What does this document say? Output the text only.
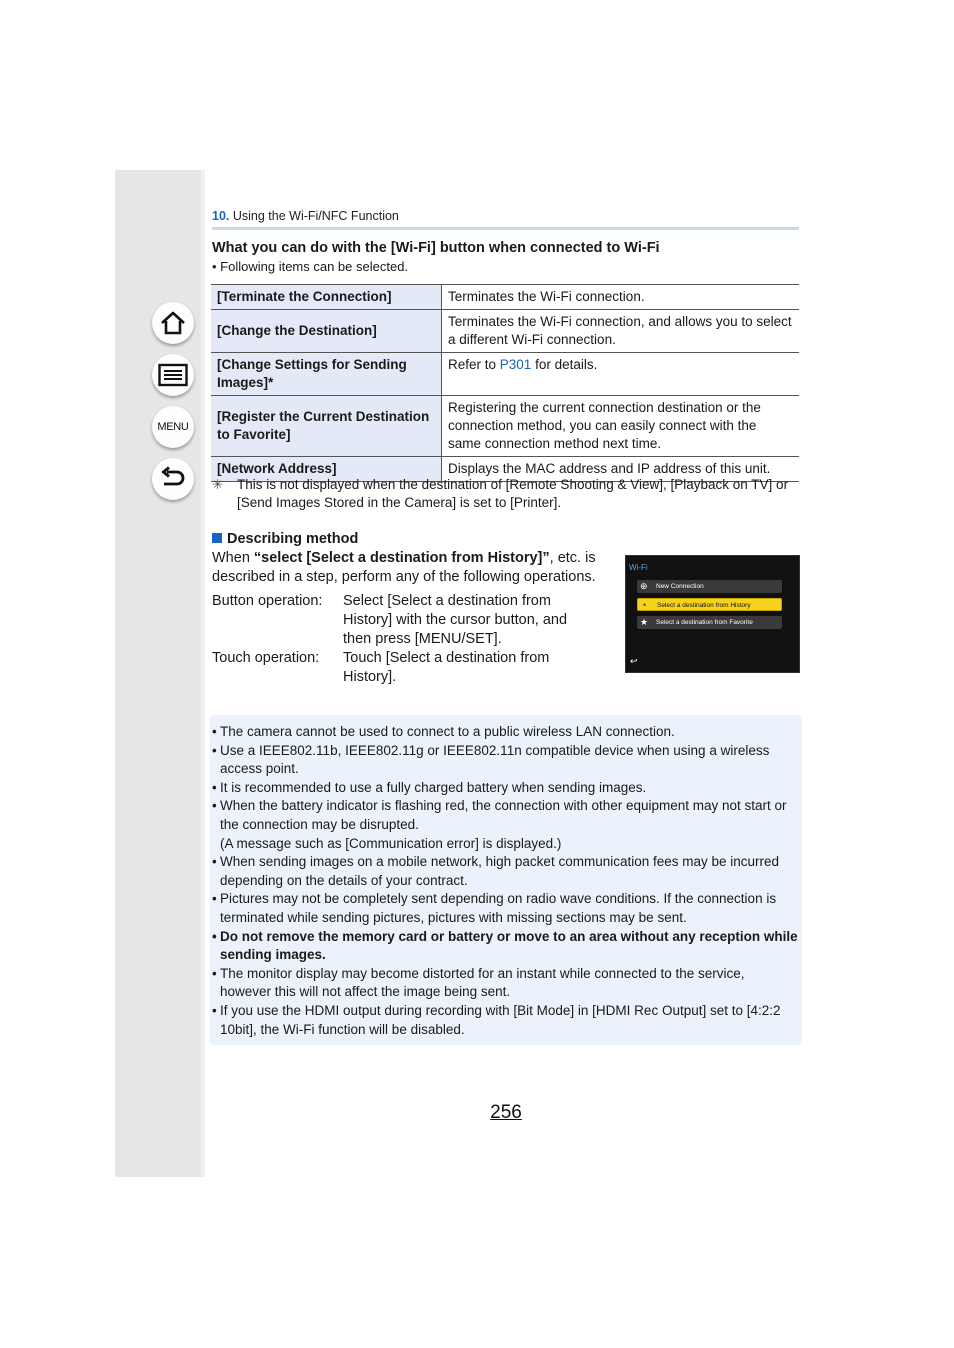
MENU
10. Using the Wi-Fi/NFC Function
What you can do with the [Wi-Fi] button when connected to Wi-Fi
• Following items can be selected.
[Terminate the Connection]	Terminates the Wi-Fi connection.
[Change the Destination]	Terminates the Wi-Fi connection, and allows you to select a different Wi-Fi connection.
[Change Settings for Sending Images]*	Refer to P301 for details.
[Register the Current Destination to Favorite]	Registering the current connection destination or the connection method, you can easily connect with the same connection method next time.
[Network Address]	Displays the MAC address and IP address of this unit.
✳	This is not displayed when the destination of [Remote Shooting & View], [Playback on TV] or [Send Images Stored in the Camera] is set to [Printer].
Describing method
When “select [Select a destination from History]”, etc. is described in a step, perform any of the following operations.
Button operation:	Select [Select a destination from History] with the cursor button, and then press [MENU/SET].
Touch operation:	Touch [Select a destination from History].
Wi-Fi
⊕ New Connection
◔ Select a destination from History
★ Select a destination from Favorite
↩
• The camera cannot be used to connect to a public wireless LAN connection.
• Use a IEEE802.11b, IEEE802.11g or IEEE802.11n compatible device when using a wireless access point.
• It is recommended to use a fully charged battery when sending images.
• When the battery indicator is flashing red, the connection with other equipment may not start or the connection may be disrupted.
(A message such as [Communication error] is displayed.)
• When sending images on a mobile network, high packet communication fees may be incurred depending on the details of your contract.
• Pictures may not be completely sent depending on radio wave conditions. If the connection is terminated while sending pictures, pictures with missing sections may be sent.
• Do not remove the memory card or battery or move to an area without any reception while sending images.
• The monitor display may become distorted for an instant while connected to the service, however this will not affect the image being sent.
• If you use the HDMI output during recording with [Bit Mode] in [HDMI Rec Output] set to [4:2:2 10bit], the Wi-Fi function will be disabled.
256
